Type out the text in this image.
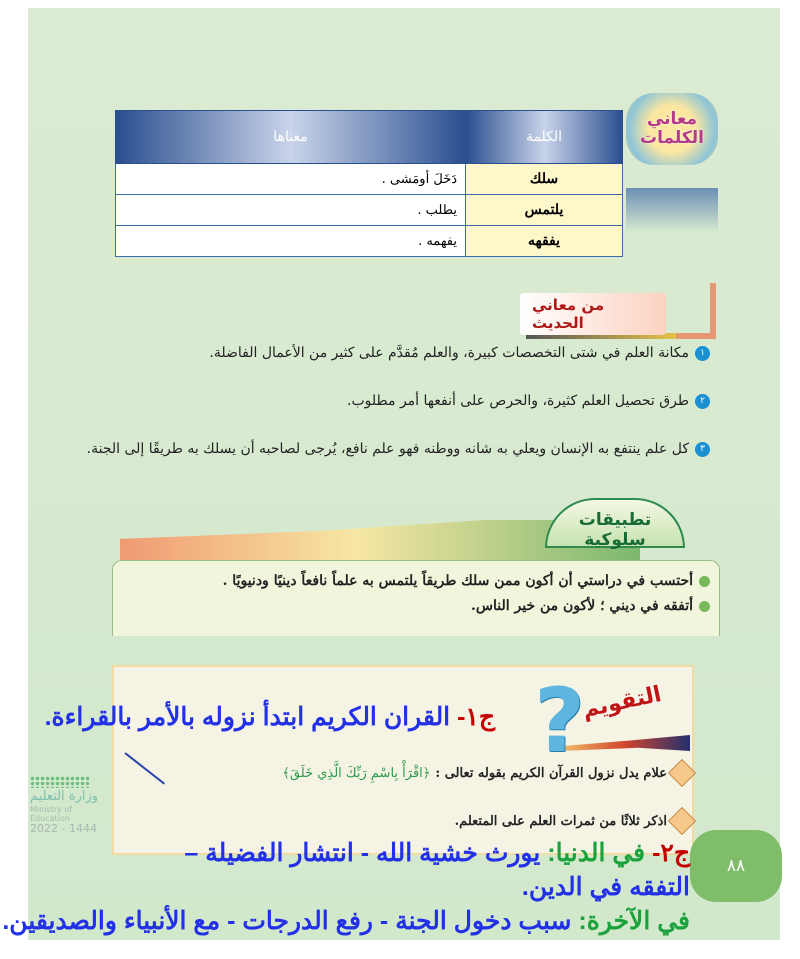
معاني
الكلمات
الكلمة	معناها
سلك	دَخَلَ أومَشى .
يلتمس	يطلب .
يفقهه	يفهمه .
من معاني الحديث
١
مكانة العلم في شتى التخصصات كبيرة، والعلم مُقدَّم على كثير من الأعمال الفاضلة.
٢
طرق تحصيل العلم كثيرة، والحرص على أنفعها أمر مطلوب.
٣
كل علم ينتفع به الإنسان ويعلي به شانه ووطنه فهو علم نافع، يُرجى لصاحبه أن يسلك به طريقًا إلى الجنة.
تطبيقات سلوكية
أحتسب في دراستي أن أكون ممن سلك طريقاً يلتمس به علماً نافعاً دينيًا ودنيويًا .
أتفقه في ديني ؛ لأكون من خير الناس.
?
التقويم
ج١- القران الكريم ابتدأ نزوله بالأمر بالقراءة.
علام يدل نزول القرآن الكريم بقوله تعالى :
﴿اقْرَأْ بِاسْمِ رَبِّكَ الَّذِي خَلَقَ﴾
اذكر ثلاثًا من ثمرات العلم على المتعلم.
٨٨
وزارة التعليم
Ministry of Education
2022 - 1444
ج٢- في الدنيا: يورث خشية الله - انتشار الفضيلة –
التفقه في الدين.
في الآخرة: سبب دخول الجنة - رفع الدرجات - مع الأنبياء والصديقين.
